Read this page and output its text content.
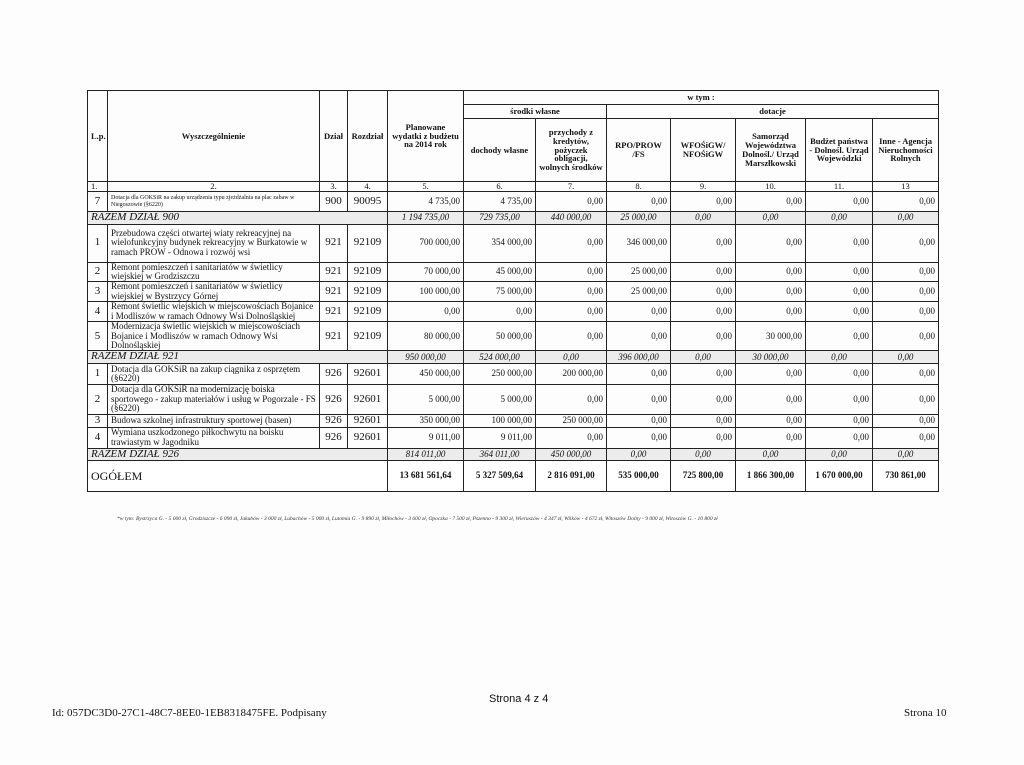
L.p.	Wyszczególnienie	Dział	Rozdział	Planowane wydatki z budżetu na 2014 rok	w tym :						
					środki własne		dotacje				
					dochody własne	przychody z kredytów, pożyczek obligacji, wolnych środków	RPO/PROW /FS	WFOŚiGW/ NFOŚiGW	Samorząd Województwa Dolnośl./ Urząd Marszłkowski	Budżet państwa - Dolnośl. Urząd Wojewódzki	Inne - Agencja Nieruchomości Rolnych
1.	2.	3.	4.	5.	6.	7.	8.	9.	10.	11.	13
7	Dotacja dla GOKSiR na zakup urządzenia typu zjeżdżalnia na plac zabaw w Niegoszowie (§6220)	900	90095	4 735,00	4 735,00	0,00	0,00	0,00	0,00	0,00	0,00
RAZEM DZIAŁ 900				1 194 735,00	729 735,00	440 000,00	25 000,00	0,00	0,00	0,00	0,00
1	Przebudowa części otwartej wiaty rekreacyjnej na wielofunkcyjny budynek rekreacyjny w Burkatowie w ramach PROW - Odnowa i rozwój wsi	921	92109	700 000,00	354 000,00	0,00	346 000,00	0,00	0,00	0,00	0,00
2	Remont pomieszczeń i sanitariatów w świetlicy wiejskiej w Grodziszczu	921	92109	70 000,00	45 000,00	0,00	25 000,00	0,00	0,00	0,00	0,00
3	Remont pomieszczeń i sanitariatów w świetlicy wiejskiej w Bystrzycy Górnej	921	92109	100 000,00	75 000,00	0,00	25 000,00	0,00	0,00	0,00	0,00
4	Remont świetlic wiejskich w miejscowościach Bojanice i Modliszów w ramach Odnowy Wsi Dolnośląskiej	921	92109	0,00	0,00	0,00	0,00	0,00	0,00	0,00	0,00
5	Modernizacja świetlic wiejskich w miejscowościach Bojanice i Modliszów w ramach Odnowy Wsi Dolnośląskiej	921	92109	80 000,00	50 000,00	0,00	0,00	0,00	30 000,00	0,00	0,00
RAZEM DZIAŁ 921				950 000,00	524 000,00	0,00	396 000,00	0,00	30 000,00	0,00	0,00
1	Dotacja dla GOKSiR na zakup ciągnika z osprzętem (§6220)	926	92601	450 000,00	250 000,00	200 000,00	0,00	0,00	0,00	0,00	0,00
2	Dotacja dla GOKSiR na modernizację boiska sportowego - zakup materiałów i usług w Pogorzale - FS (§6220)	926	92601	5 000,00	5 000,00	0,00	0,00	0,00	0,00	0,00	0,00
3	Budowa szkolnej infrastruktury sportowej (basen)	926	92601	350 000,00	100 000,00	250 000,00	0,00	0,00	0,00	0,00	0,00
4	Wymiana uszkodzonego piłkochwytu na boisku trawiastym w Jagodniku	926	92601	9 011,00	9 011,00	0,00	0,00	0,00	0,00	0,00	0,00
RAZEM DZIAŁ 926				814 011,00	364 011,00	450 000,00	0,00	0,00	0,00	0,00	0,00
OGÓŁEM				13 681 561,64	5 327 509,64	2 816 091,00	535 000,00	725 800,00	1 866 300,00	1 670 000,00	730 861,00
*w tym: Bystrzyca G. - 5 000 zł, Grodziszcze - 6 090 zł, Jakubów - 3 000 zł, Lubachów - 5 000 zł, Lutomia G. - 9 890 zł, Miłochów - 3 600 zł, Opoczka - 7 500 zł, Pszenno - 9 300 zł, Wieruszów - 4 347 zł, Wilków - 4 672 zł, Witoszów Dolny - 9 000 zł, Witoszów G. - 10 800 zł
Id: 057DC3D0-27C1-48C7-8EE0-1EB8318475FE. Podpisany
Strona 4 z 4
Strona 10
